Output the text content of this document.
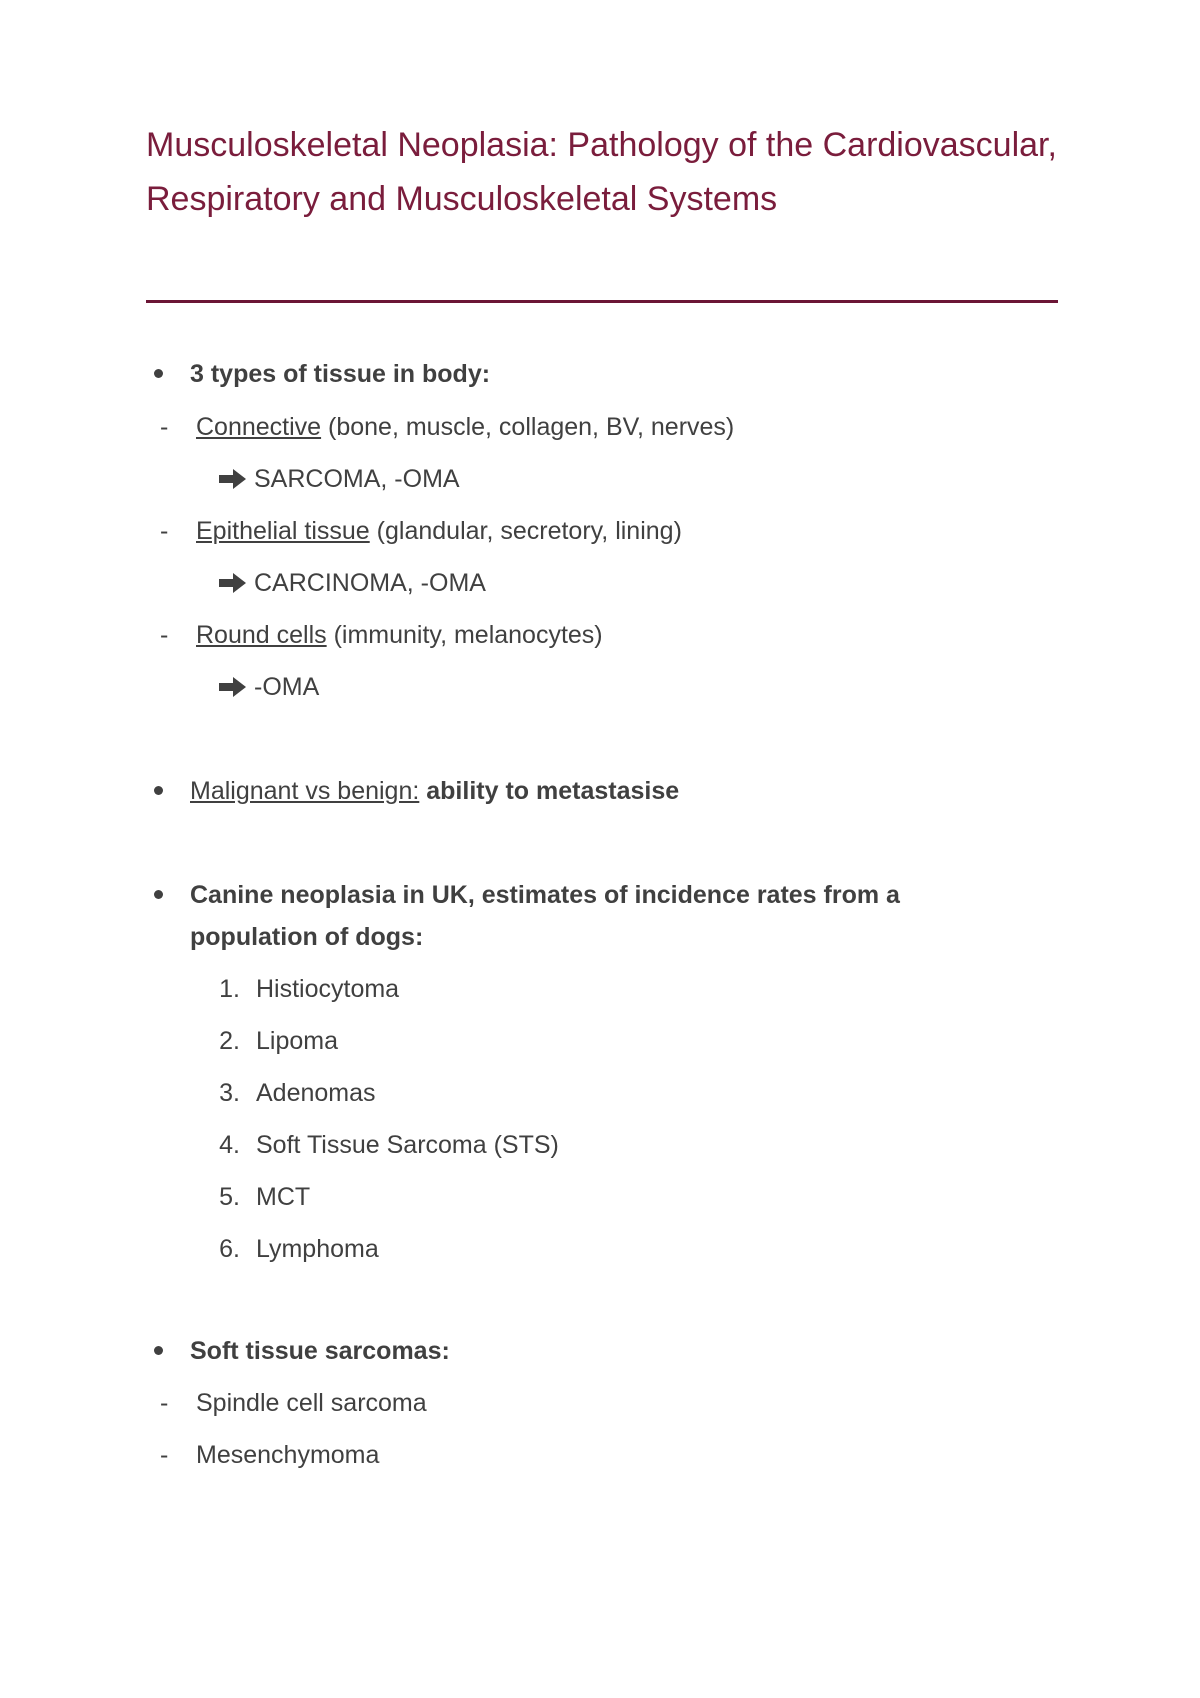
Musculoskeletal Neoplasia: Pathology of the Cardiovascular, Respiratory and Musculoskeletal Systems
3 types of tissue in body:
- Connective (bone, muscle, collagen, BV, nerves)
SARCOMA, -OMA
- Epithelial tissue (glandular, secretory, lining)
CARCINOMA, -OMA
- Round cells (immunity, melanocytes)
-OMA
Malignant vs benign: ability to metastasise
Canine neoplasia in UK, estimates of incidence rates from a
population of dogs:
1. Histiocytoma
2. Lipoma
3. Adenomas
4. Soft Tissue Sarcoma (STS)
5. MCT
6. Lymphoma
Soft tissue sarcomas:
- Spindle cell sarcoma
- Mesenchymoma
